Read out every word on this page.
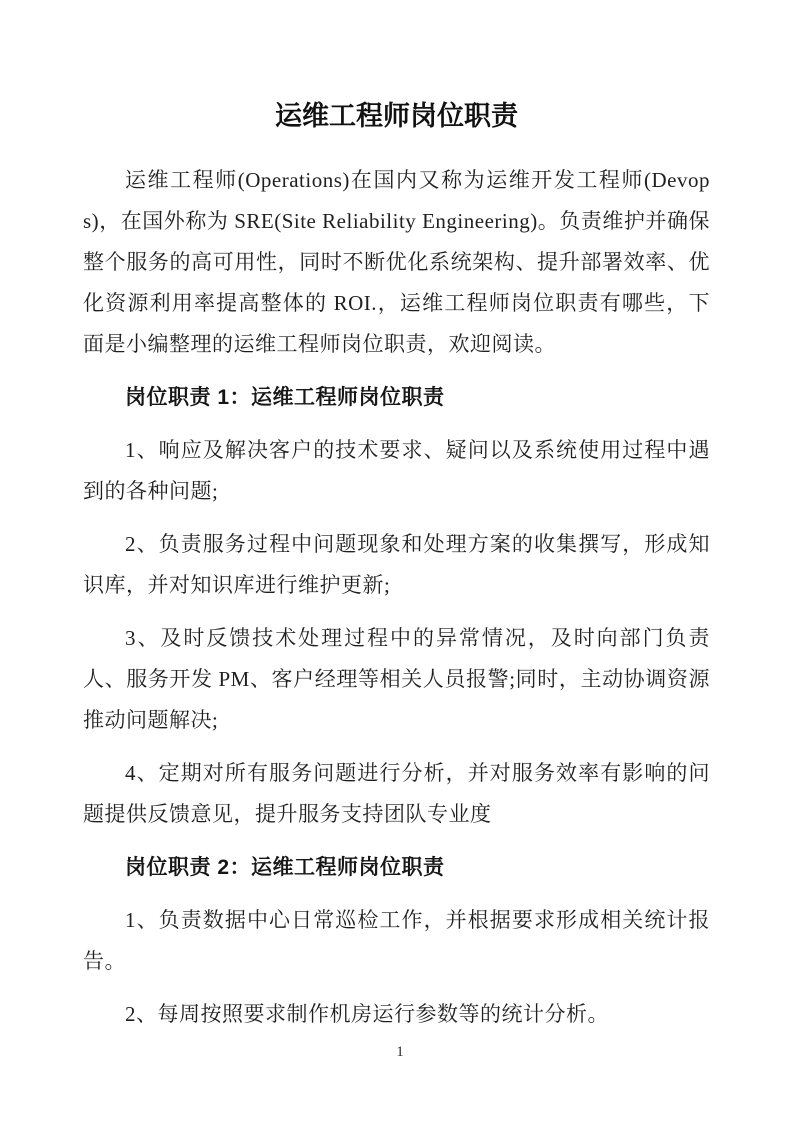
运维工程师岗位职责

运维工程师(Operations)在国内又称为运维开发工程师(Devops)，在国外称为 SRE(Site Reliability Engineering)。负责维护并确保整个服务的高可用性，同时不断优化系统架构、提升部署效率、优化资源利用率提高整体的 ROI.，运维工程师岗位职责有哪些，下面是小编整理的运维工程师岗位职责，欢迎阅读。

岗位职责 1：运维工程师岗位职责

1、响应及解决客户的技术要求、疑问以及系统使用过程中遇到的各种问题;

2、负责服务过程中问题现象和处理方案的收集撰写，形成知识库，并对知识库进行维护更新;

3、及时反馈技术处理过程中的异常情况，及时向部门负责人、服务开发 PM、客户经理等相关人员报警;同时，主动协调资源推动问题解决;

4、定期对所有服务问题进行分析，并对服务效率有影响的问题提供反馈意见，提升服务支持团队专业度

岗位职责 2：运维工程师岗位职责

1、负责数据中心日常巡检工作，并根据要求形成相关统计报告。

2、每周按照要求制作机房运行参数等的统计分析。

1
